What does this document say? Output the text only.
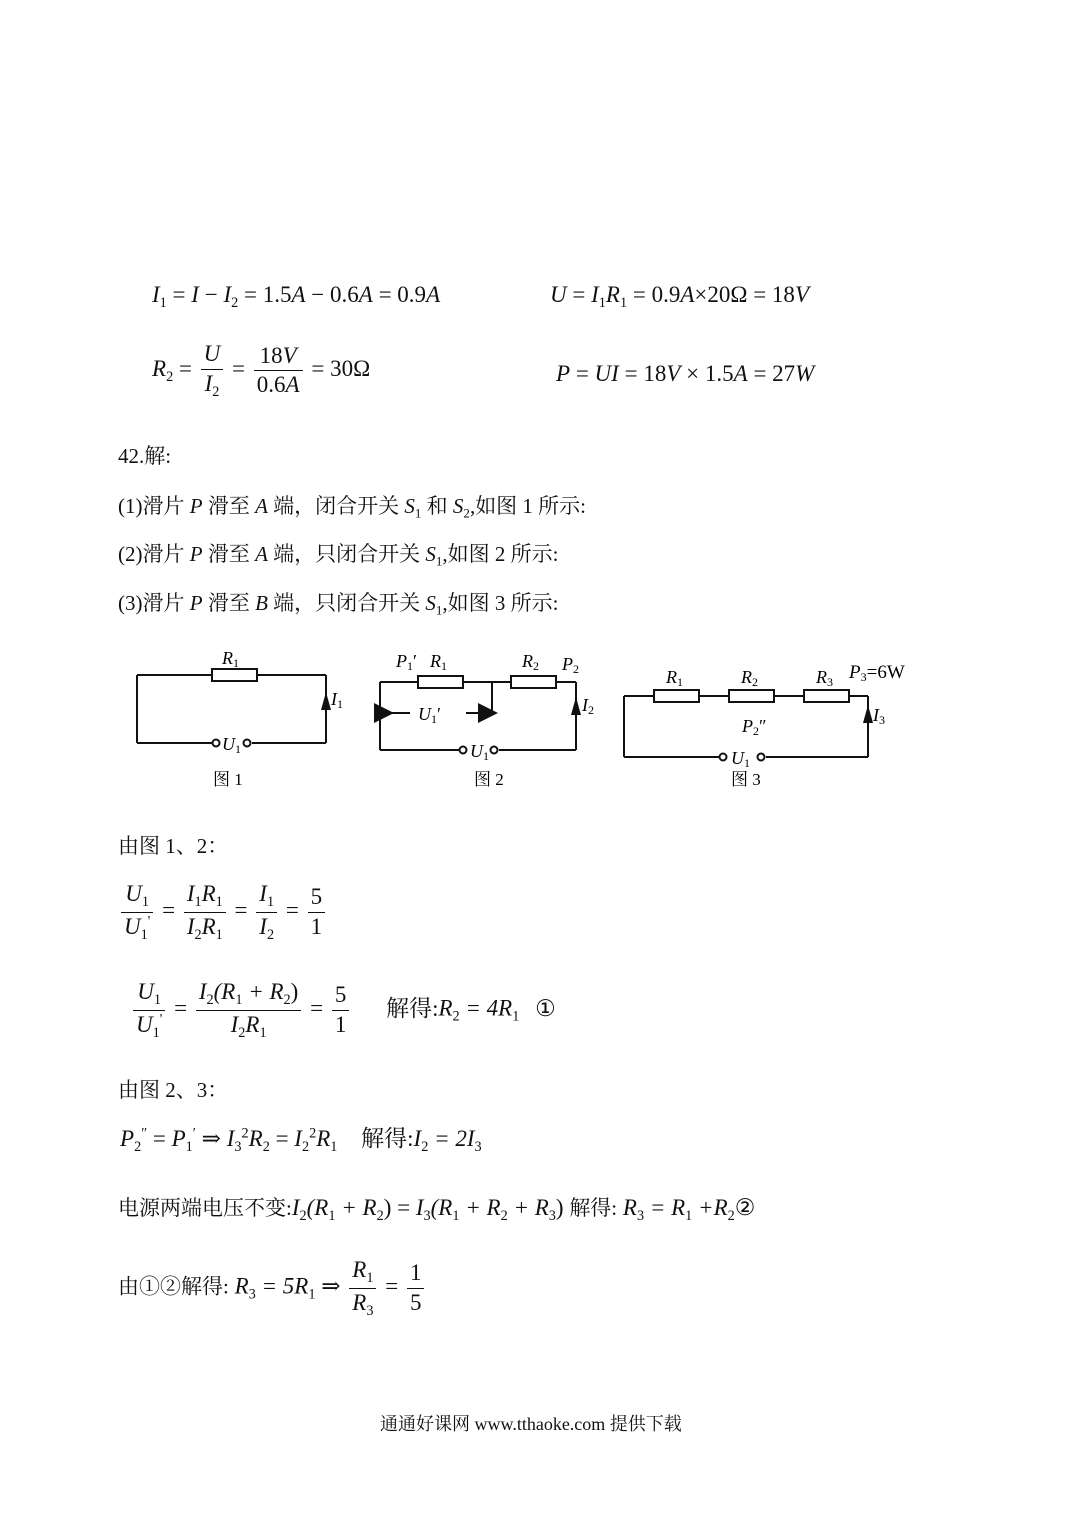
$I_1 = I - I_2 = 1.5A - 0.6A = 0.9A$	$U = I_1R_1 = 0.9A\times 20\Omega = 18V$
$R_2 = \frac{U}{I_2} = \frac{18V}{0.6A} = 30\Omega$	P = UI = 18V × 1.5A = 27W
42.解:
(1)滑片 P 滑至 A 端，闭合开关 $S_1$ 和 $S_2$,如图 1 所示:
(2)滑片 P 滑至 A 端，只闭合开关 $S_1$,如图 2 所示:
(3)滑片 P 滑至 B 端，只闭合开关 $S_1$,如图 3 所示:
R1
I1
U1
图 1
P1′ R1	R2 P2
I2
U1′
U1
图 2
R1	R2	R3 P3=6W
P2″
I3
U1
图 3
由图 1、2：
$\frac{U_1}{U_1'} = \frac{I_1R_1}{I_2R_1} = \frac{I_1}{I_2} = \frac{5}{1}$
$\frac{U_1}{U_1'} = \frac{I_2(R_1 + R_2)}{I_2R_1} = \frac{5}{1}$ 解得$:R_2 = 4R_1$ ①
由图 2、3：
$P_2'' = P_1'$ ⇒ $I_3^2R_2 = I_2^2R_1$ 解得$:I_2 = 2I_3$
电源两端电压不变$:I_2(R_1 + R_2) = I_3(R_1 + R_2 + R_3)$ 解得: $R_3 = R_1$ $+R_2②$
由①②解得: $R_3 = 5R_1$ ⇒ $\frac{R_1}{R_3} = \frac{1}{5}$
通通好课网 www.tthaoke.com 提供下载
